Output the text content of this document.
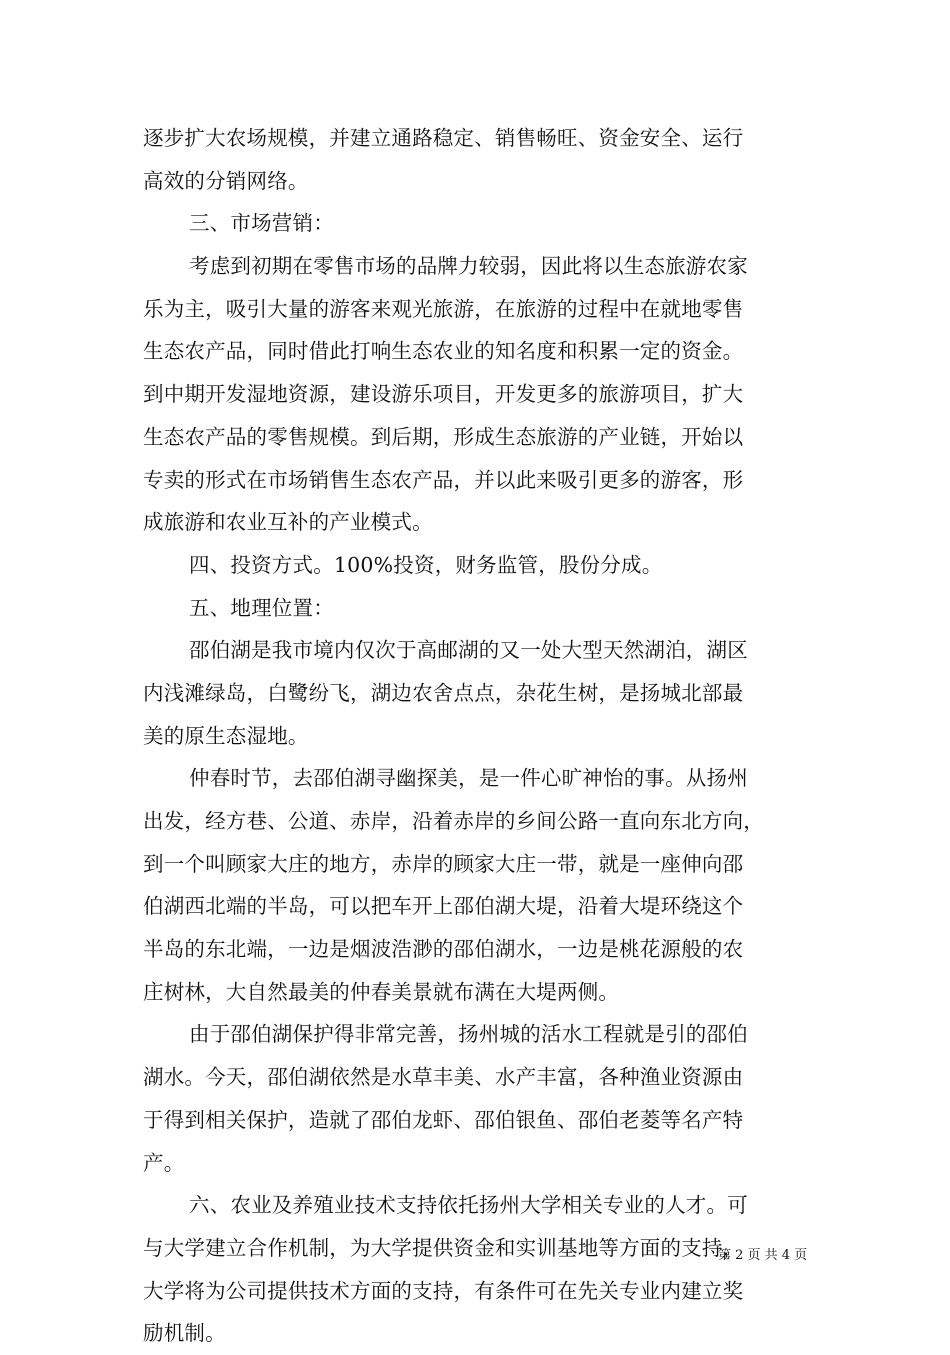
逐步扩大农场规模，并建立通路稳定、销售畅旺、资金安全、运行
高效的分销网络。
三、市场营销：
考虑到初期在零售市场的品牌力较弱，因此将以生态旅游农家
乐为主，吸引大量的游客来观光旅游，在旅游的过程中在就地零售
生态农产品，同时借此打响生态农业的知名度和积累一定的资金。
到中期开发湿地资源，建设游乐项目，开发更多的旅游项目，扩大
生态农产品的零售规模。到后期，形成生态旅游的产业链，开始以
专卖的形式在市场销售生态农产品，并以此来吸引更多的游客，形
成旅游和农业互补的产业模式。
四、投资方式。100%投资，财务监管，股份分成。
五、地理位置：
邵伯湖是我市境内仅次于高邮湖的又一处大型天然湖泊，湖区
内浅滩绿岛，白鹭纷飞，湖边农舍点点，杂花生树，是扬城北部最
美的原生态湿地。
仲春时节，去邵伯湖寻幽探美，是一件心旷神怡的事。从扬州
出发，经方巷、公道、赤岸，沿着赤岸的乡间公路一直向东北方向，
到一个叫顾家大庄的地方，赤岸的顾家大庄一带，就是一座伸向邵
伯湖西北端的半岛，可以把车开上邵伯湖大堤，沿着大堤环绕这个
半岛的东北端，一边是烟波浩渺的邵伯湖水，一边是桃花源般的农
庄树林，大自然最美的仲春美景就布满在大堤两侧。
由于邵伯湖保护得非常完善，扬州城的活水工程就是引的邵伯
湖水。今天，邵伯湖依然是水草丰美、水产丰富，各种渔业资源由
于得到相关保护，造就了邵伯龙虾、邵伯银鱼、邵伯老菱等名产特
产。
六、农业及养殖业技术支持依托扬州大学相关专业的人才。可
与大学建立合作机制，为大学提供资金和实训基地等方面的支持，
大学将为公司提供技术方面的支持，有条件可在先关专业内建立奖
励机制。
第 2 页 共 4 页
